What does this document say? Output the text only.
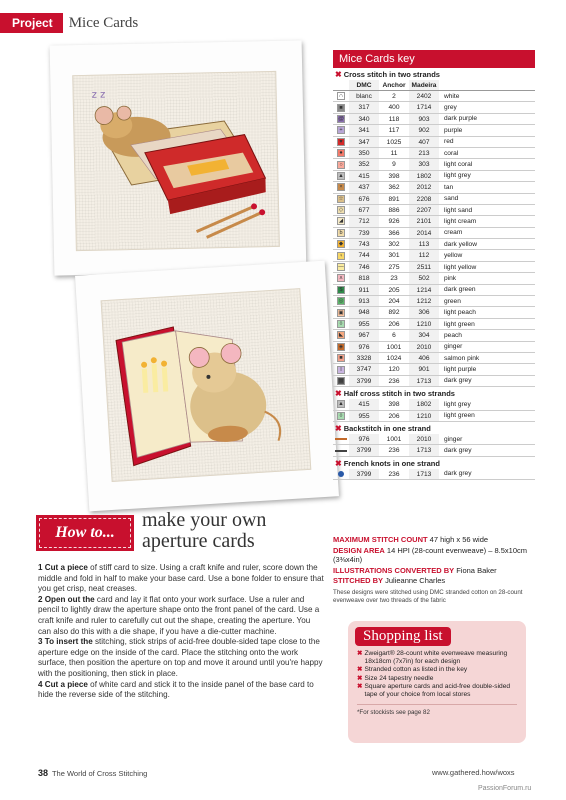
Project	Mice Cards
z z
Mice Cards key
✖ Cross stitch in two strands
DMC	Anchor Madeira
∩	blanc	2	2402	white
■	317	400	1714	grey
@	340	118	903	dark purple
+	341	117	902	purple
♥	347	1025	407	red
●	350	11	213	coral
○	352	9	303	light coral
▲	415	398	1802	light grey
×	437	362	2012	tan
☆	676	891	2208	sand
◇	677	886	2207	light sand
◢	712	926	2101	light cream
b	739	366	2014	cream
◆	743	302	113	dark yellow
♀	744	301	112	yellow
—	746	275	2511	light yellow
ʌ	818	23	502	pink
$	911	205	1214	dark green
◎	913	204	1212	green
▣	948	892	306	light peach
◊	955	206	1210	light green
◣	967	6	304	peach
◈	976	1001	2010	ginger
■	3328	1024	406	salmon pink
I	3747	120	901	light purple
▩	3799	236	1713	dark grey
✖ Half cross stitch in two strands
▲	415	398	1802	light grey
◊	955	206	1210	light green
✖ Backstitch in one strand
976	1001	2010	ginger
3799	236	1713	dark grey
✖ French knots in one strand
3799	236	1713	dark grey

MAXIMUM STITCH COUNT 47 high x 56 wide

DESIGN AREA 14 HPI (28-count evenweave) – 8.5x10cm (3⅜x4in)

ILLUSTRATIONS CONVERTED BY Fiona Baker

STITCHED BY Julieanne Charles

These designs were stitched using DMC stranded cotton on 28-count evenweave over two threads of the fabric

Shopping list
✖ Zweigart® 28-count white evenweave measuring 18x18cm (7x7in) for each design
✖ Stranded cotton as listed in the key
✖ Size 24 tapestry needle
✖ Square aperture cards and acid-free double-sided tape of your choice from local stores
*For stockists see page 82
How to...
make your own
aperture cards

1 Cut a piece of stiff card to size. Using a craft knife and ruler, score down the middle and fold in half to make your base card. Use a bone folder to ensure that you get crisp, neat creases.

2 Open out the card and lay it flat onto your work surface. Use a ruler and pencil to lightly draw the aperture shape onto the front panel of the card. Use a craft knife and ruler to carefully cut out the shape, creating the aperture. You can also do this with a die shape, if you have a die-cutter machine.

3 To insert the stitching, stick strips of acid-free double-sided tape close to the aperture edge on the inside of the card. Place the stitching onto the work surface, then position the aperture on top and move it around until you're happy with the positioning, then stick in place.

4 Cut a piece of white card and stick it to the inside panel of the base card to hide the reverse side of the stitching.

38 The World of Cross Stitching	www.gathered.how/woxs
PassionForum.ru
